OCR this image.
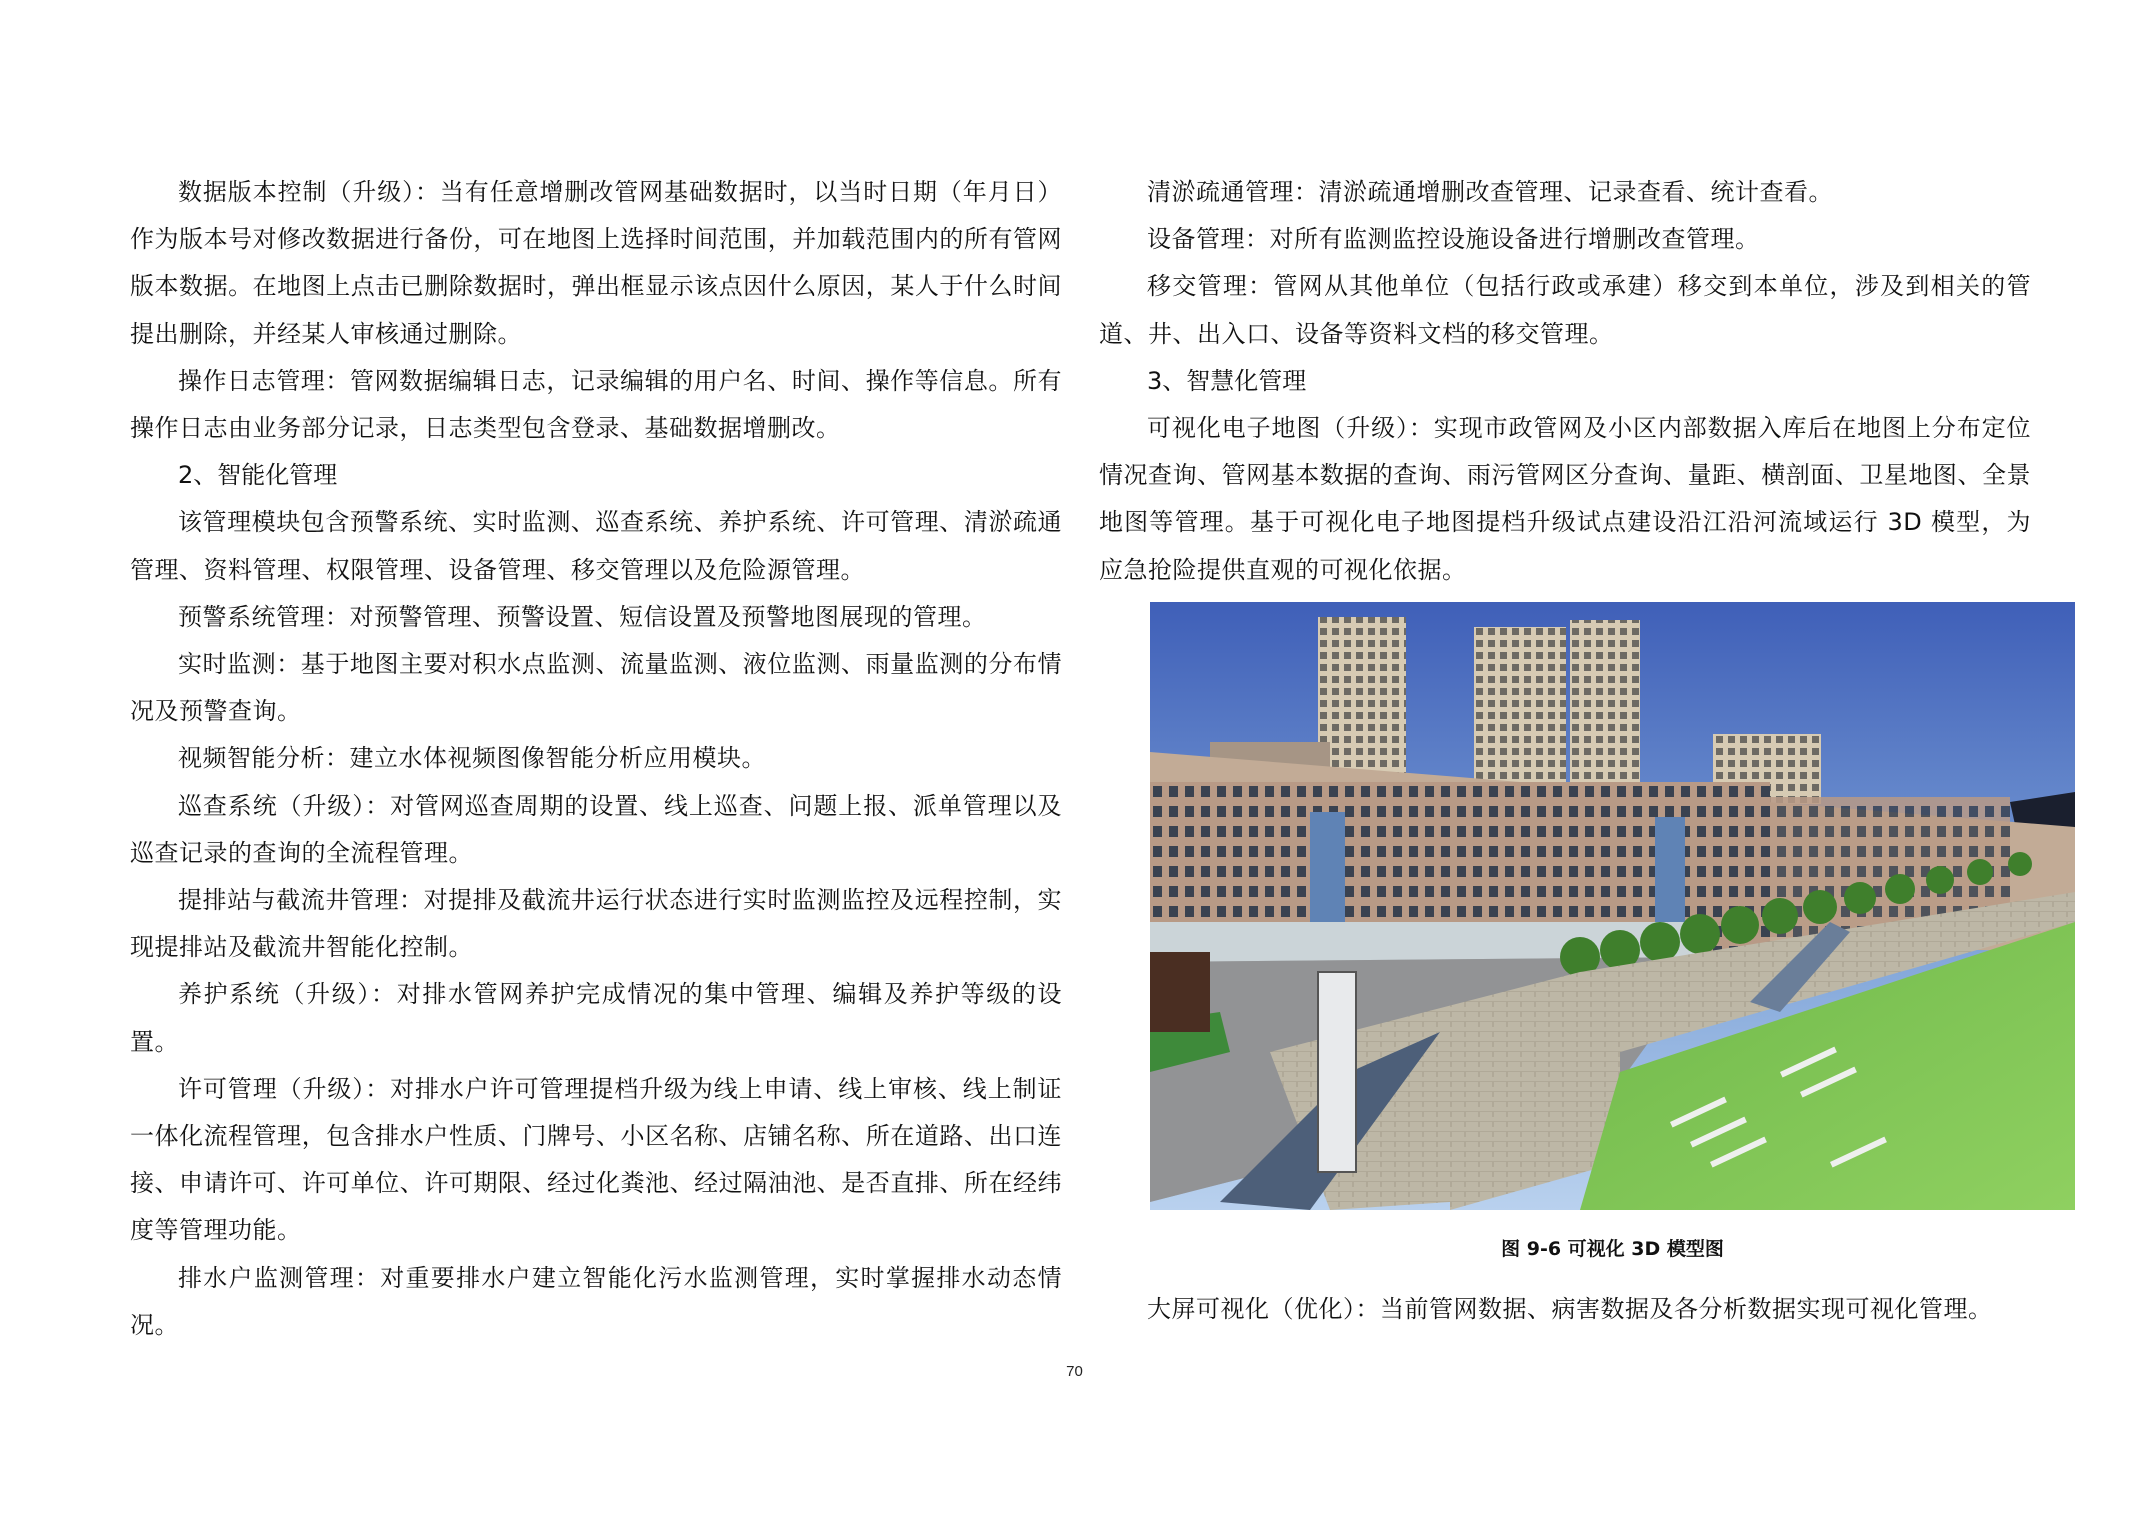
数据版本控制（升级）：当有任意增删改管网基础数据时，以当时日期（年月日）作为版本号对修改数据进行备份，可在地图上选择时间范围，并加载范围内的所有管网版本数据。在地图上点击已删除数据时，弹出框显示该点因什么原因，某人于什么时间提出删除，并经某人审核通过删除。

操作日志管理：管网数据编辑日志，记录编辑的用户名、时间、操作等信息。所有操作日志由业务部分记录，日志类型包含登录、基础数据增删改。

2、智能化管理

该管理模块包含预警系统、实时监测、巡查系统、养护系统、许可管理、清淤疏通管理、资料管理、权限管理、设备管理、移交管理以及危险源管理。

预警系统管理：对预警管理、预警设置、短信设置及预警地图展现的管理。

实时监测：基于地图主要对积水点监测、流量监测、液位监测、雨量监测的分布情况及预警查询。

视频智能分析：建立水体视频图像智能分析应用模块。

巡查系统（升级）：对管网巡查周期的设置、线上巡查、问题上报、派单管理以及巡查记录的查询的全流程管理。

提排站与截流井管理：对提排及截流井运行状态进行实时监测监控及远程控制，实现提排站及截流井智能化控制。

养护系统（升级）：对排水管网养护完成情况的集中管理、编辑及养护等级的设置。

许可管理（升级）：对排水户许可管理提档升级为线上申请、线上审核、线上制证一体化流程管理，包含排水户性质、门牌号、小区名称、店铺名称、所在道路、出口连接、申请许可、许可单位、许可期限、经过化粪池、经过隔油池、是否直排、所在经纬度等管理功能。

排水户监测管理：对重要排水户建立智能化污水监测管理，实时掌握排水动态情况。

清淤疏通管理：清淤疏通增删改查管理、记录查看、统计查看。

设备管理：对所有监测监控设施设备进行增删改查管理。

移交管理：管网从其他单位（包括行政或承建）移交到本单位，涉及到相关的管道、井、出入口、设备等资料文档的移交管理。

3、智慧化管理

可视化电子地图（升级）：实现市政管网及小区内部数据入库后在地图上分布定位情况查询、管网基本数据的查询、雨污管网区分查询、量距、横剖面、卫星地图、全景地图等管理。基于可视化电子地图提档升级试点建设沿江沿河流域运行 3D 模型，为应急抢险提供直观的可视化依据。

图 9-6 可视化 3D 模型图

大屏可视化（优化）：当前管网数据、病害数据及各分析数据实现可视化管理。

70
